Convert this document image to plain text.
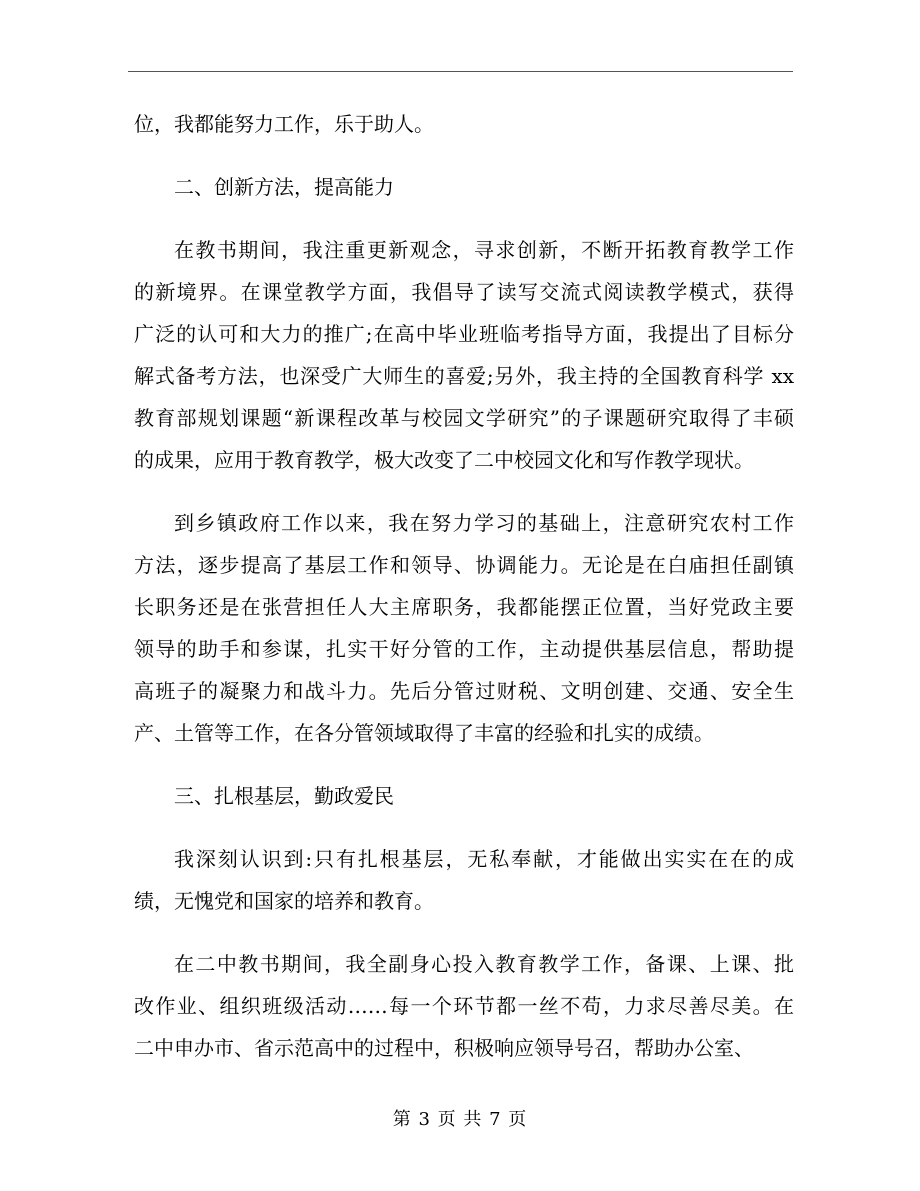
位，我都能努力工作，乐于助人。
二、创新方法，提高能力
在教书期间，我注重更新观念，寻求创新，不断开拓教育教学工作
的新境界。在课堂教学方面，我倡导了读写交流式阅读教学模式，获得
广泛的认可和大力的推广;在高中毕业班临考指导方面，我提出了目标分
解式备考方法，也深受广大师生的喜爱;另外，我主持的全国教育科学 xx
教育部规划课题“新课程改革与校园文学研究”的子课题研究取得了丰硕
的成果，应用于教育教学，极大改变了二中校园文化和写作教学现状。
到乡镇政府工作以来，我在努力学习的基础上，注意研究农村工作
方法，逐步提高了基层工作和领导、协调能力。无论是在白庙担任副镇
长职务还是在张营担任人大主席职务，我都能摆正位置，当好党政主要
领导的助手和参谋，扎实干好分管的工作，主动提供基层信息，帮助提
高班子的凝聚力和战斗力。先后分管过财税、文明创建、交通、安全生
产、土管等工作，在各分管领域取得了丰富的经验和扎实的成绩。
三、扎根基层，勤政爱民
我深刻认识到:只有扎根基层，无私奉献，才能做出实实在在的成
绩，无愧党和国家的培养和教育。
在二中教书期间，我全副身心投入教育教学工作，备课、上课、批
改作业、组织班级活动……每一个环节都一丝不苟，力求尽善尽美。在
二中申办市、省示范高中的过程中，积极响应领导号召，帮助办公室、
第 3 页 共 7 页
